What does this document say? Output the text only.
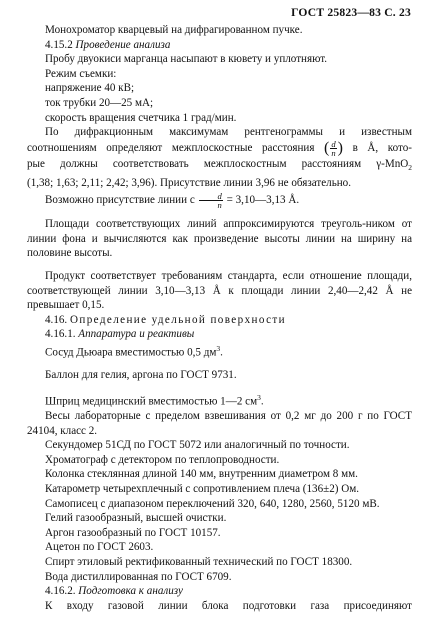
ГОСТ 25823—83 С. 23

Монохроматор кварцевый на дифрагированном пучке.

4.15.2 Проведение анализа

Пробу двуокиси марганца насыпают в кювету и уплотняют.

Режим съемки:

напряжение 40 кВ;

ток трубки 20—25 мА;

скорость вращения счетчика 1 град/мин.

По дифракционным максимумам рентгенограммы и известным

соотношениям определяют межплоскостные расстояния ( $\frac{d}{n}$ ) в Å, кото-

рые должны соответствовать межплоскостным расстояниям γ-MnO$_2$

(1,38; 1,63; 2,11; 2,42; 3,96). Присутствие линии 3,96 не обязательно.

Возможно присутствие линии с $\frac{d}{n}$ = 3,10—3,13 Å.

Площади соответствующих линий аппроксимируются треуголь-ником от линии фона и вычисляются как произведение высоты линии на ширину на половине высоты.

Продукт соответствует требованиям стандарта, если отношение площади, соответствующей линии 3,10—3,13 Å к площади линии 2,40—2,42 Å не превышает 0,15.

4.16. Определение удельной поверхности

4.16.1. Аппаратура и реактивы

Сосуд Дьюара вместимостью 0,5 $дм^3$.

Баллон для гелия, аргона по ГОСТ 9731.

Шприц медицинский вместимостью 1—2 $см^3$.

Весы лабораторные с пределом взвешивания от 0,2 мг до 200 г по ГОСТ 24104, класс 2.

Секундомер 51СД по ГОСТ 5072 или аналогичный по точности.

Хроматограф с детектором по теплопроводности.

Колонка стеклянная длиной 140 мм, внутренним диаметром 8 мм.

Катарометр четырехплечный с сопротивлением плеча (136±2) Ом.

Самописец с диапазоном переключений 320, 640, 1280, 2560, 5120 мВ.

Гелий газообразный, высшей очистки.

Аргон газообразный по ГОСТ 10157.

Ацетон по ГОСТ 2603.

Спирт этиловый ректификованный технический по ГОСТ 18300.

Вода дистиллированная по ГОСТ 6709.

4.16.2. Подготовка к анализу

К входу газовой линии блока подготовки газа присоединяют
